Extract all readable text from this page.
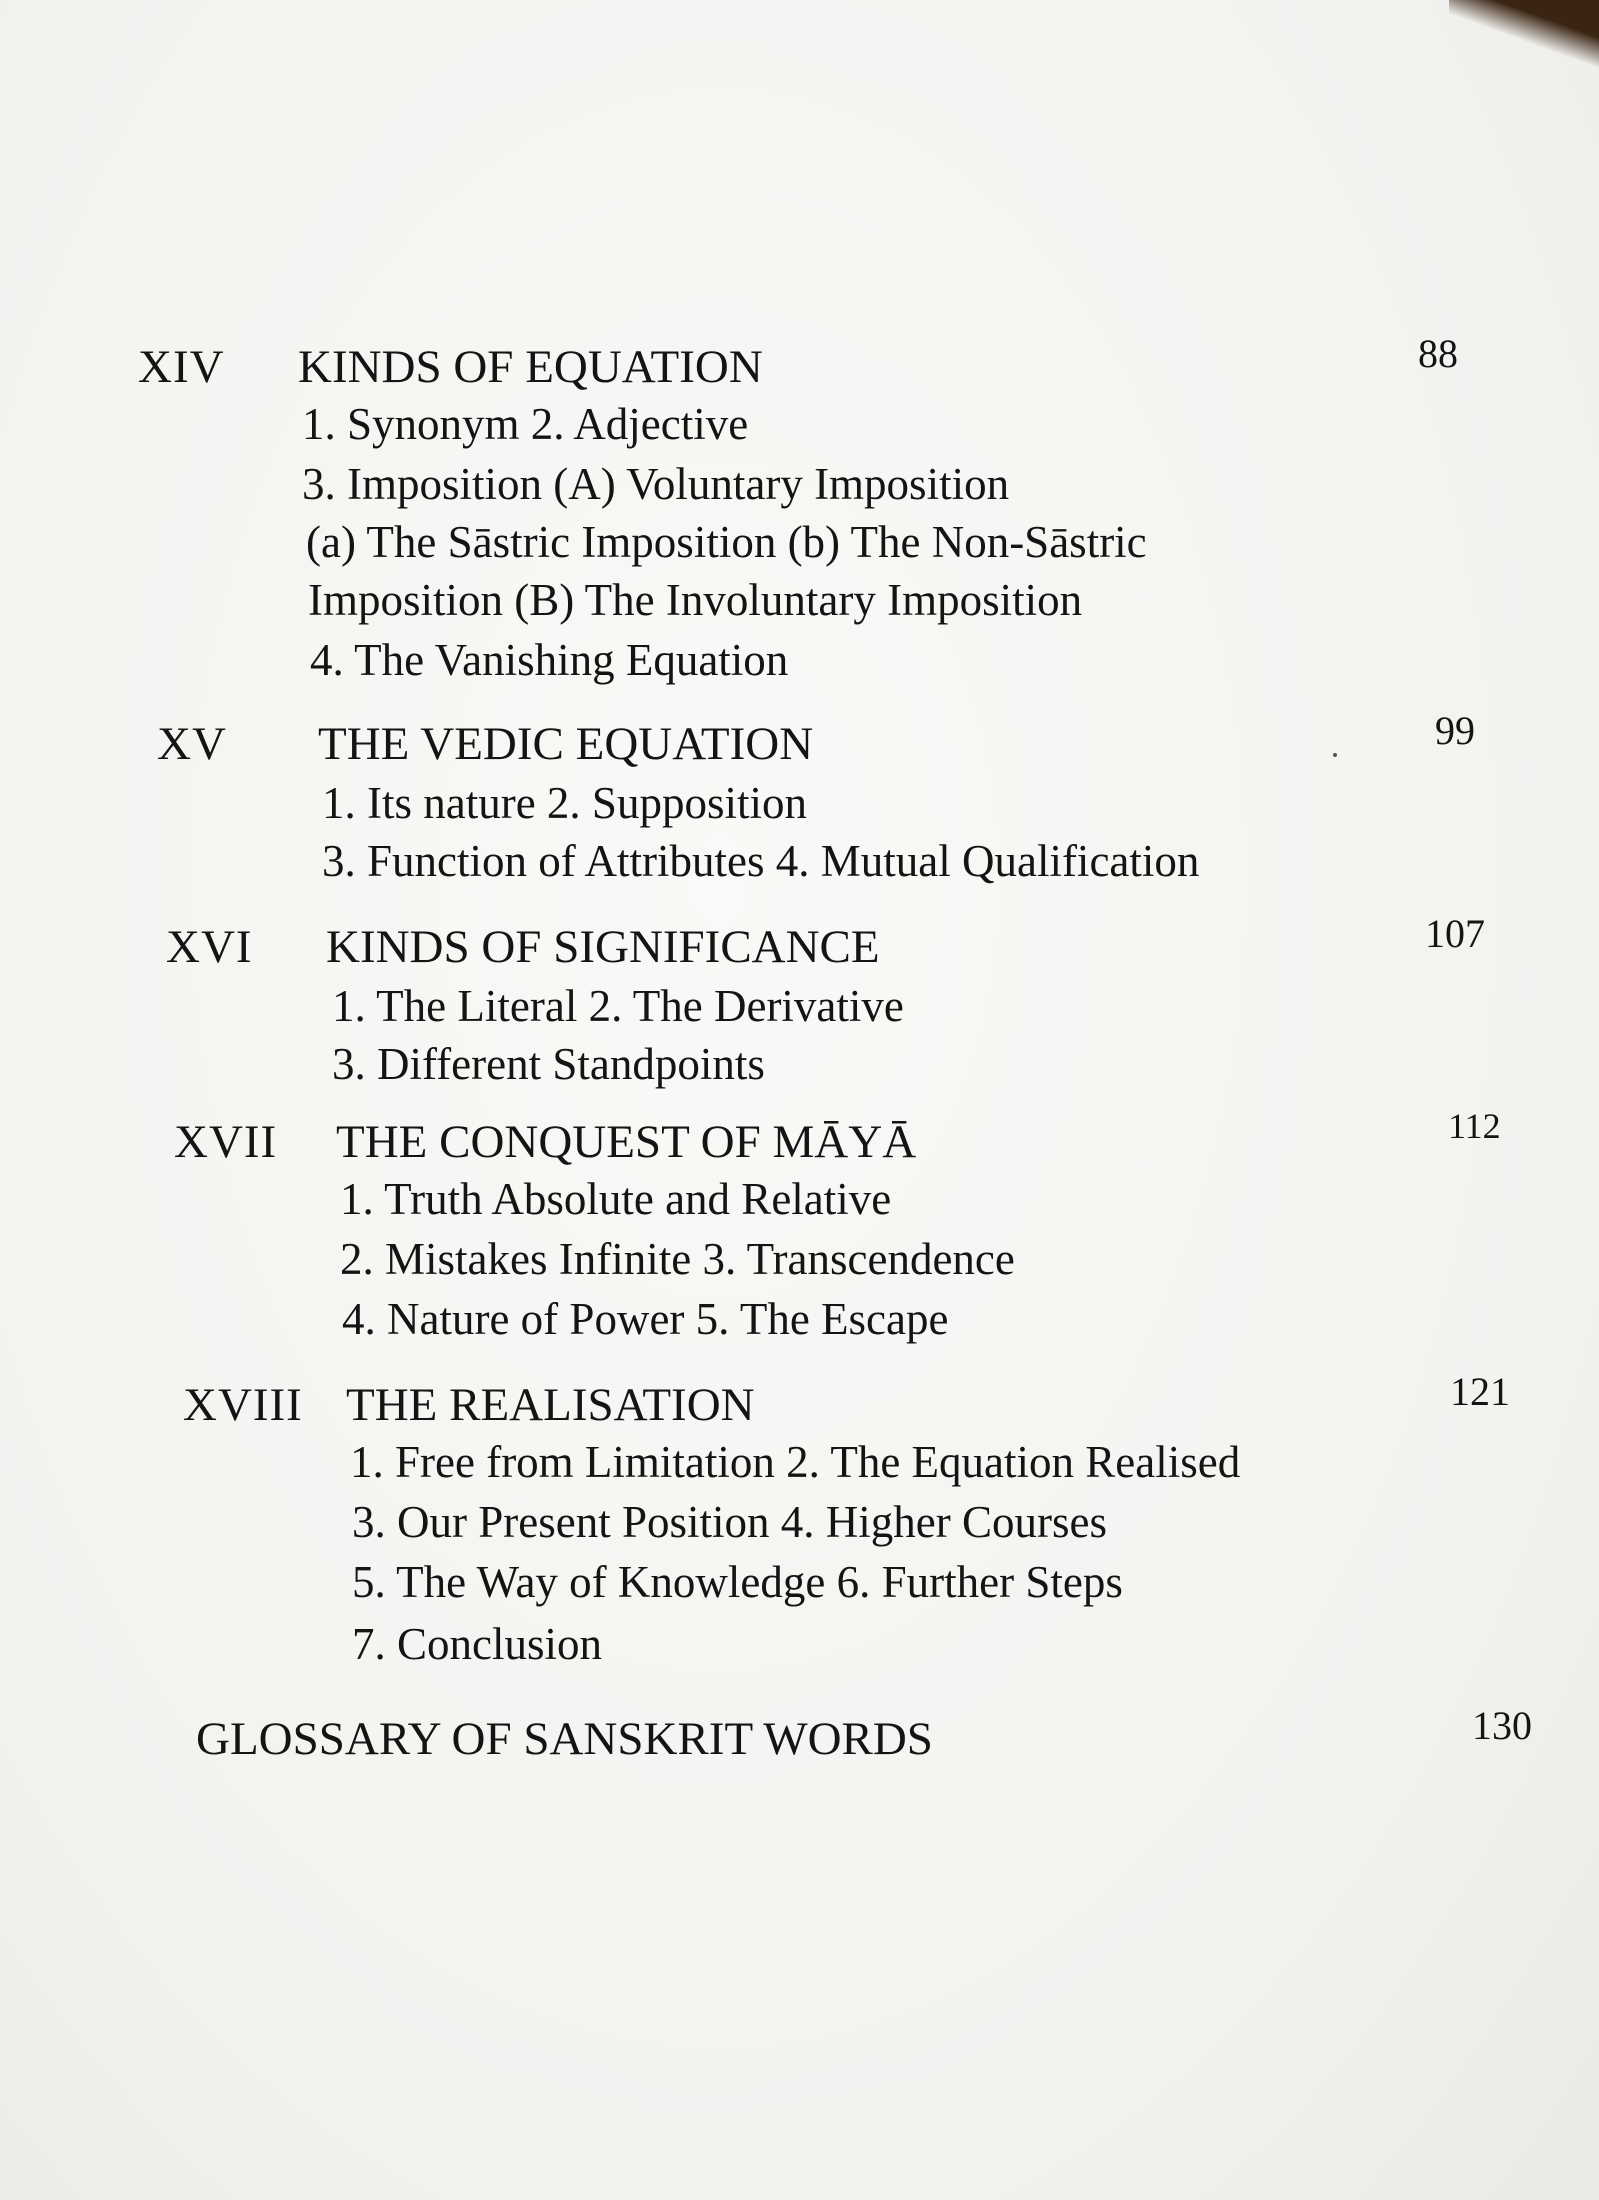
XIV KINDS OF EQUATION	88
1. Synonym 2. Adjective
3. Imposition (A) Voluntary Imposition
(a) The Sāstric Imposition (b) The Non-Sāstric
Imposition (B) The Involuntary Imposition
4. The Vanishing Equation
XV THE VEDIC EQUATION	99
1. Its nature 2. Supposition
3. Function of Attributes 4. Mutual Qualification
XVI KINDS OF SIGNIFICANCE	107
1. The Literal 2. The Derivative
3. Different Standpoints
XVII THE CONQUEST OF MĀYĀ	112
1. Truth Absolute and Relative
2. Mistakes Infinite 3. Transcendence
4. Nature of Power 5. The Escape
XVIII THE REALISATION	121
1. Free from Limitation 2. The Equation Realised
3. Our Present Position 4. Higher Courses
5. The Way of Knowledge 6. Further Steps
7. Conclusion
GLOSSARY OF SANSKRIT WORDS	130
